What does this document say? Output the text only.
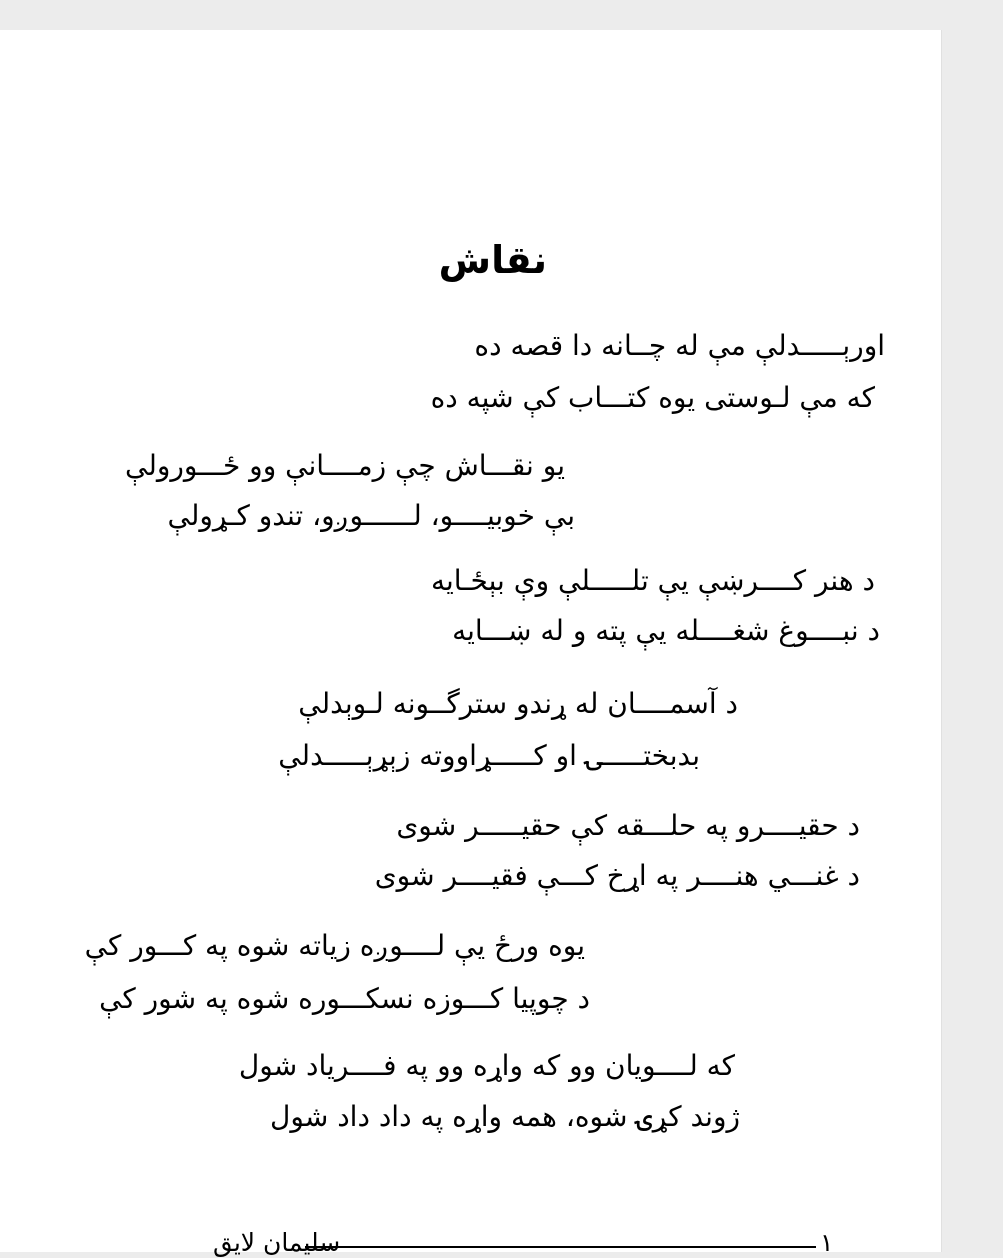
نقاش
اورېـــــدلې مې له چــانه دا قصه ده
كه مې لـوستى يوه كتـــاب كې شپه ده
يو نقـــاش چې زمــــانې وو ځـــورولې
بې خوبيــــو، لــــــوږو، تندو كـړولې
د هنر كــــرښې يې تلـــــلې وې بېځـايه
د نبــــوغ شغــــله يې پته و له ښـــايه
د آسمــــان له ړندو سترگــونه لـوېدلې
بدبختـــــۍ او كـــــړاووته زېړېـــــدلې
د حقيــــرو په حلـــقه كې حقيـــــر شوى
د غنـــي هنــــر په اړخ كـــې فقيــــر شوى
يوه ورځ يې لــــوږه زياته شوه په كـــور كې
د چوپيا كـــوزه نسكـــوره شوه په شور كې
كه لــــويان وو كه واړه وو په فــــرياد شول
ژوند كړۍ شوه، همه واړه په داد داد شول
سليمان لايق	١
